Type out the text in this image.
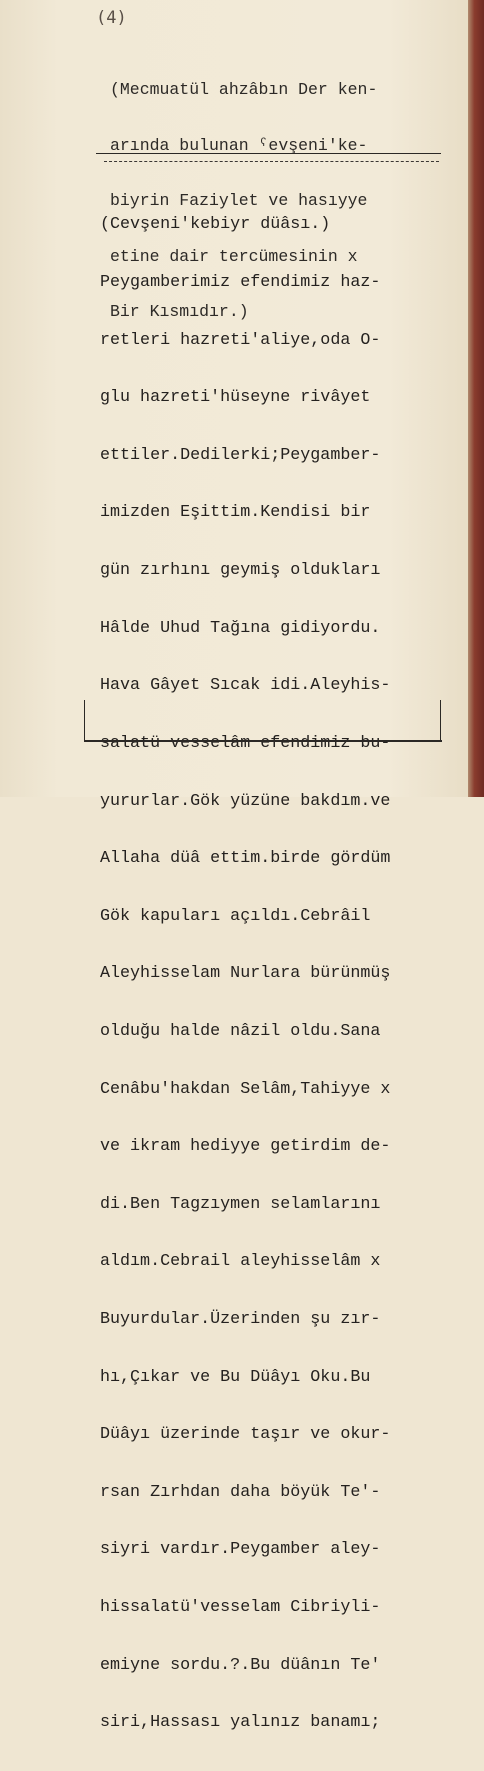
(4)

(Mecmuatül ahzâbın Der ken-

arında bulunan ˤevşeni'ke-

biyrin Faziylet ve hasıyye

etine dair tercümesinin x

Bir Kısmıdır.)

(Cevşeni'kebiyr düâsı.)

Peygamberimiz efendimiz haz-

retleri hazreti'aliye,oda O-

glu hazreti'hüseyne rivâyet

ettiler.Dedilerki;Peygamber-

imizden Eşittim.Kendisi bir

gün zırhını geymiş oldukları

Hâlde Uhud Tağına gidiyordu.

Hava Gâyet Sıcak idi.Aleyhis-

salatü vesselâm efendimiz bu-

yururlar.Gök yüzüne bakdım.ve

Allaha düâ ettim.birde gördüm

Gök kapuları açıldı.Cebrâil

Aleyhisselam Nurlara bürünmüş

olduğu halde nâzil oldu.Sana

Cenâbu'hakdan Selâm,Tahiyye x

ve ikram hediyye getirdim de-

di.Ben Tagzıymen selamlarını

aldım.Cebrail aleyhisselâm x

Buyurdular.Üzerinden şu zır-

hı,Çıkar ve Bu Düâyı Oku.Bu

Düâyı üzerinde taşır ve okur-

rsan Zırhdan daha böyük Te'-

siyri vardır.Peygamber aley-

hissalatü'vesselam Cibriyli-

emiyne sordu.?.Bu düânın Te'

siri,Hassası yalınız banamı;
